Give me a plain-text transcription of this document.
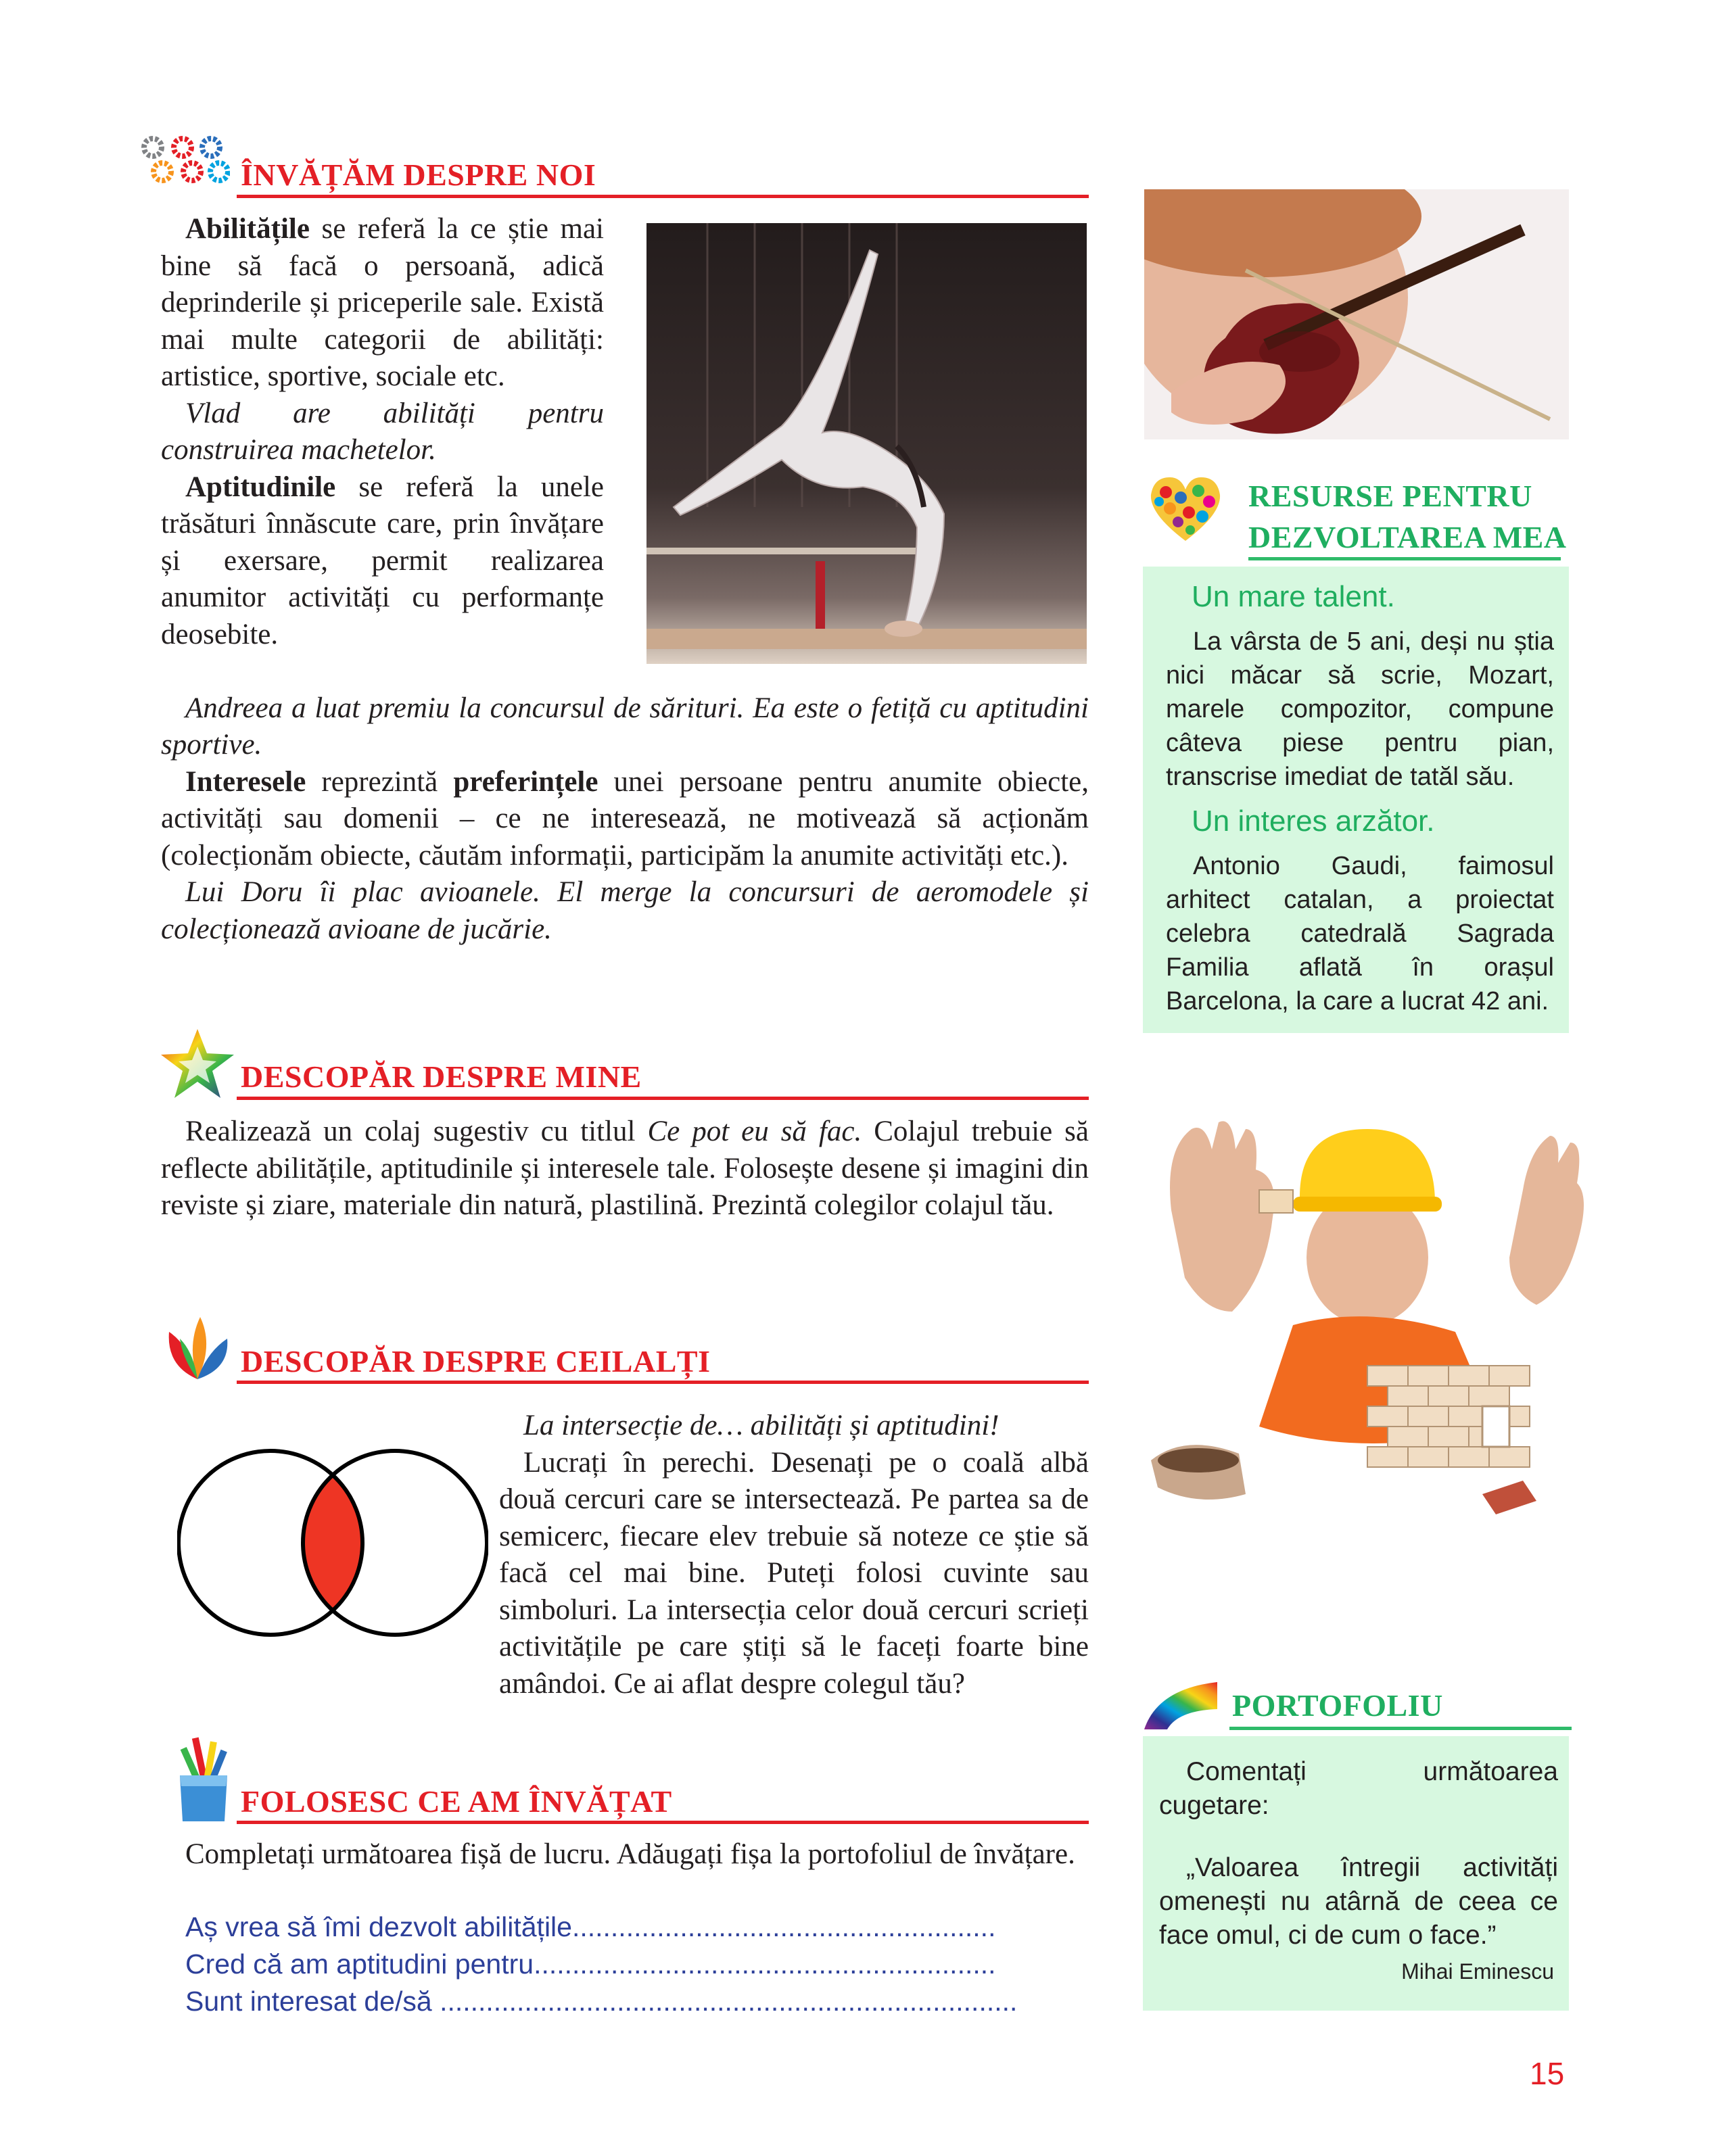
ÎNVĂȚĂM DESPRE NOI

Abilitățile se referă la ce știe mai bine să facă o persoană, adică deprinderile și priceperile sale. Există mai multe categorii de abilități: artistice, sportive, sociale etc.

Vlad are abilități pentru construirea machetelor.

Aptitudinile se referă la unele trăsături înnăscute care, prin învățare și exersare, permit realizarea anumitor activități cu performanțe deosebite.

Andreea a luat premiu la concursul de sărituri. Ea este o fetiță cu aptitudini sportive.

Interesele reprezintă preferințele unei persoane pentru anumite obiecte, activități sau domenii – ce ne interesează, ne motivează să acționăm (colecționăm obiecte, căutăm informații, participăm la anumite activități etc.).

Lui Doru îi plac avioanele. El merge la concursuri de aeromodele și colecționează avioane de jucărie.

DESCOPĂR DESPRE MINE

Realizează un colaj sugestiv cu titlul Ce pot eu să fac. Colajul trebuie să reflecte abilitățile, aptitudinile și interesele tale. Folosește desene și imagini din reviste și ziare, materiale din natură, plastilină. Prezintă colegilor colajul tău.

DESCOPĂR DESPRE CEILALȚI

La intersecție de… abilități și aptitudini!

Lucrați în perechi. Desenați pe o coală albă două cercuri care se intersectează. Pe partea sa de semicerc, fiecare elev trebuie să noteze ce știe să facă cel mai bine. Puteți folosi cuvinte sau simboluri. La intersecția celor două cercuri scrieți activitățile pe care știți să le faceți foarte bine amândoi. Ce ai aflat despre colegul tău?

FOLOSESC CE AM ÎNVĂȚAT

Completați următoarea fișă de lucru. Adăugați fișa la portofoliul de învățare.

Aș vrea să îmi dezvolt abilitățile.......................................................
Cred că am aptitudini pentru............................................................
Sunt interesat de/să ...........................................................................
RESURSE PENTRU
DEZVOLTAREA MEA

Un mare talent.

La vârsta de 5 ani, deși nu știa nici măcar să scrie, Mozart, marele compozitor, compune câteva piese pentru pian, transcrise imediat de tatăl său.

Un interes arzător.

Antonio Gaudi, faimosul arhitect catalan, a proiectat celebra catedrală Sagrada Familia aflată în orașul Barcelona, la care a lucrat 42 ani.

PORTOFOLIU

Comentați următoarea cugetare:

„Valoarea întregii activități omenești nu atârnă de ceea ce face omul, ci de cum o face.”

Mihai Eminescu
15
